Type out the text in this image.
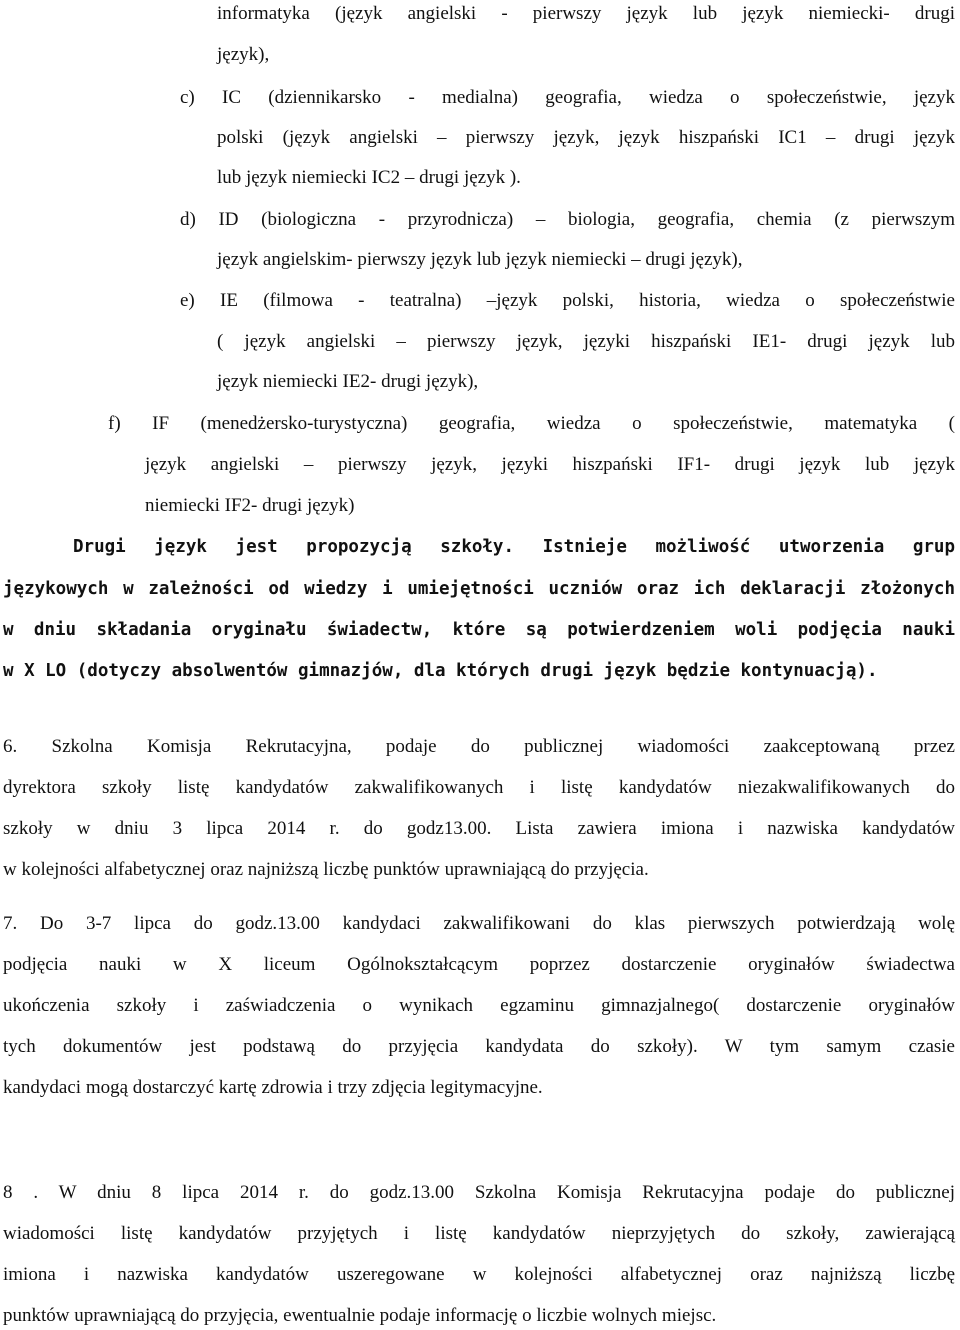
informatyka (język angielski - pierwszy język lub język niemiecki- drugi
język),
c) IC (dziennikarsko - medialna) geografia, wiedza o społeczeństwie, język
polski (język angielski – pierwszy język, język hiszpański IC1 – drugi język
lub język niemiecki IC2 – drugi język ).
d) ID (biologiczna - przyrodnicza) – biologia, geografia, chemia (z pierwszym
język angielskim- pierwszy język lub język niemiecki – drugi język),
e) IE (filmowa - teatralna) –język polski, historia, wiedza o społeczeństwie
( język angielski – pierwszy język, języki hiszpański IE1- drugi język lub
język niemiecki IE2- drugi język),
f) IF (menedżersko-turystyczna) geografia, wiedza o społeczeństwie, matematyka (
język angielski – pierwszy język, języki hiszpański IF1- drugi język lub język
niemiecki IF2- drugi język)
Drugi język jest propozycją szkoły. Istnieje możliwość utworzenia grup
językowych w zależności od wiedzy i umiejętności uczniów oraz ich deklaracji złożonych
w dniu składania oryginału świadectw, które są potwierdzeniem woli podjęcia nauki
w X LO (dotyczy absolwentów gimnazjów, dla których drugi język będzie kontynuacją).
6. Szkolna Komisja Rekrutacyjna, podaje do publicznej wiadomości zaakceptowaną przez
dyrektora szkoły listę kandydatów zakwalifikowanych i listę kandydatów niezakwalifikowanych do
szkoły w dniu 3 lipca 2014 r. do godz13.00. Lista zawiera imiona i nazwiska kandydatów
w kolejności alfabetycznej oraz najniższą liczbę punktów uprawniającą do przyjęcia.
7. Do 3-7 lipca do godz.13.00 kandydaci zakwalifikowani do klas pierwszych potwierdzają wolę
podjęcia nauki w X liceum Ogólnokształcącym poprzez dostarczenie oryginałów świadectwa
ukończenia szkoły i zaświadczenia o wynikach egzaminu gimnazjalnego( dostarczenie oryginałów
tych dokumentów jest podstawą do przyjęcia kandydata do szkoły). W tym samym czasie
kandydaci mogą dostarczyć kartę zdrowia i trzy zdjęcia legitymacyjne.
8 . W dniu 8 lipca 2014 r. do godz.13.00 Szkolna Komisja Rekrutacyjna podaje do publicznej
wiadomości listę kandydatów przyjętych i listę kandydatów nieprzyjętych do szkoły, zawierającą
imiona i nazwiska kandydatów uszeregowane w kolejności alfabetycznej oraz najniższą liczbę
punktów uprawniającą do przyjęcia, ewentualnie podaje informację o liczbie wolnych miejsc.
